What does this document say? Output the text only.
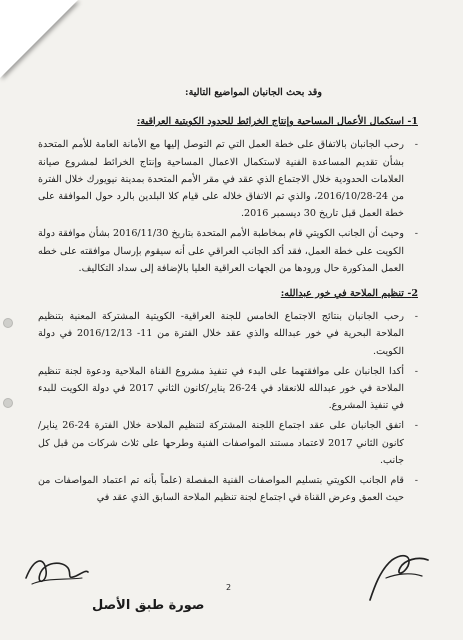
وقد بحث الجانبان المواضيع التالية:

1- استكمال الأعمال المساحية وإنتاج الخرائط للحدود الكويتية العراقية:

-
رحب الجانبان بالاتفاق على خطة العمل التي تم التوصل إليها مع الأمانة العامة للأمم المتحدة بشأن تقديم المساعدة الفنية لاستكمال الاعمال المساحية وإنتاج الخرائط لمشروع صيانة العلامات الحدودية خلال الاجتماع الذي عقد في مقر الأمم المتحدة بمدينة نيويورك خلال الفترة من 24-2016/10/28، والذي تم الاتفاق خلاله على قيام كلا البلدين بالرد حول الموافقة على خطة العمل قبل تاريخ 30 ديسمبر 2016.
-
وحيث أن الجانب الكويتي قام بمخاطبة الأمم المتحدة بتاريخ 2016/11/30 بشأن موافقة دولة الكويت على خطة العمل، فقد أكد الجانب العراقي على أنه سيقوم بإرسال موافقته على خطه العمل المذكورة حال ورودها من الجهات العراقية العليا بالإضافة إلى سداد التكاليف.

2- تنظيم الملاحة في خور عبدالله:

-
رحب الجانبان بنتائج الاجتماع الخامس للجنة العراقية- الكويتية المشتركة المعنية بتنظيم الملاحة البحرية في خور عبدالله والذي عقد خلال الفترة من 11- 2016/12/13 في دولة الكويت.
-
أكدا الجانبان على موافقتهما على البدء في تنفيذ مشروع القناة الملاحية ودعوة لجنة تنظيم الملاحة في خور عبدالله للانعقاد في 24-26 يناير/كانون الثاني 2017 في دولة الكويت للبدء في تنفيذ المشروع.
-
اتفق الجانبان على عقد اجتماع اللجنة المشتركة لتنظيم الملاحة خلال الفترة 24-26 يناير/كانون الثاني 2017 لاعتماد مستند المواصفات الفنية وطرحها على ثلاث شركات من قبل كل جانب.
-
قام الجانب الكويتي بتسليم المواصفات الفنية المفصلة (علماً بأنه تم اعتماد المواصفات من حيث العمق وعرض القناة في اجتماع لجنة تنظيم الملاحة السابق الذي عقد في
2
صورة طبق الأصل
